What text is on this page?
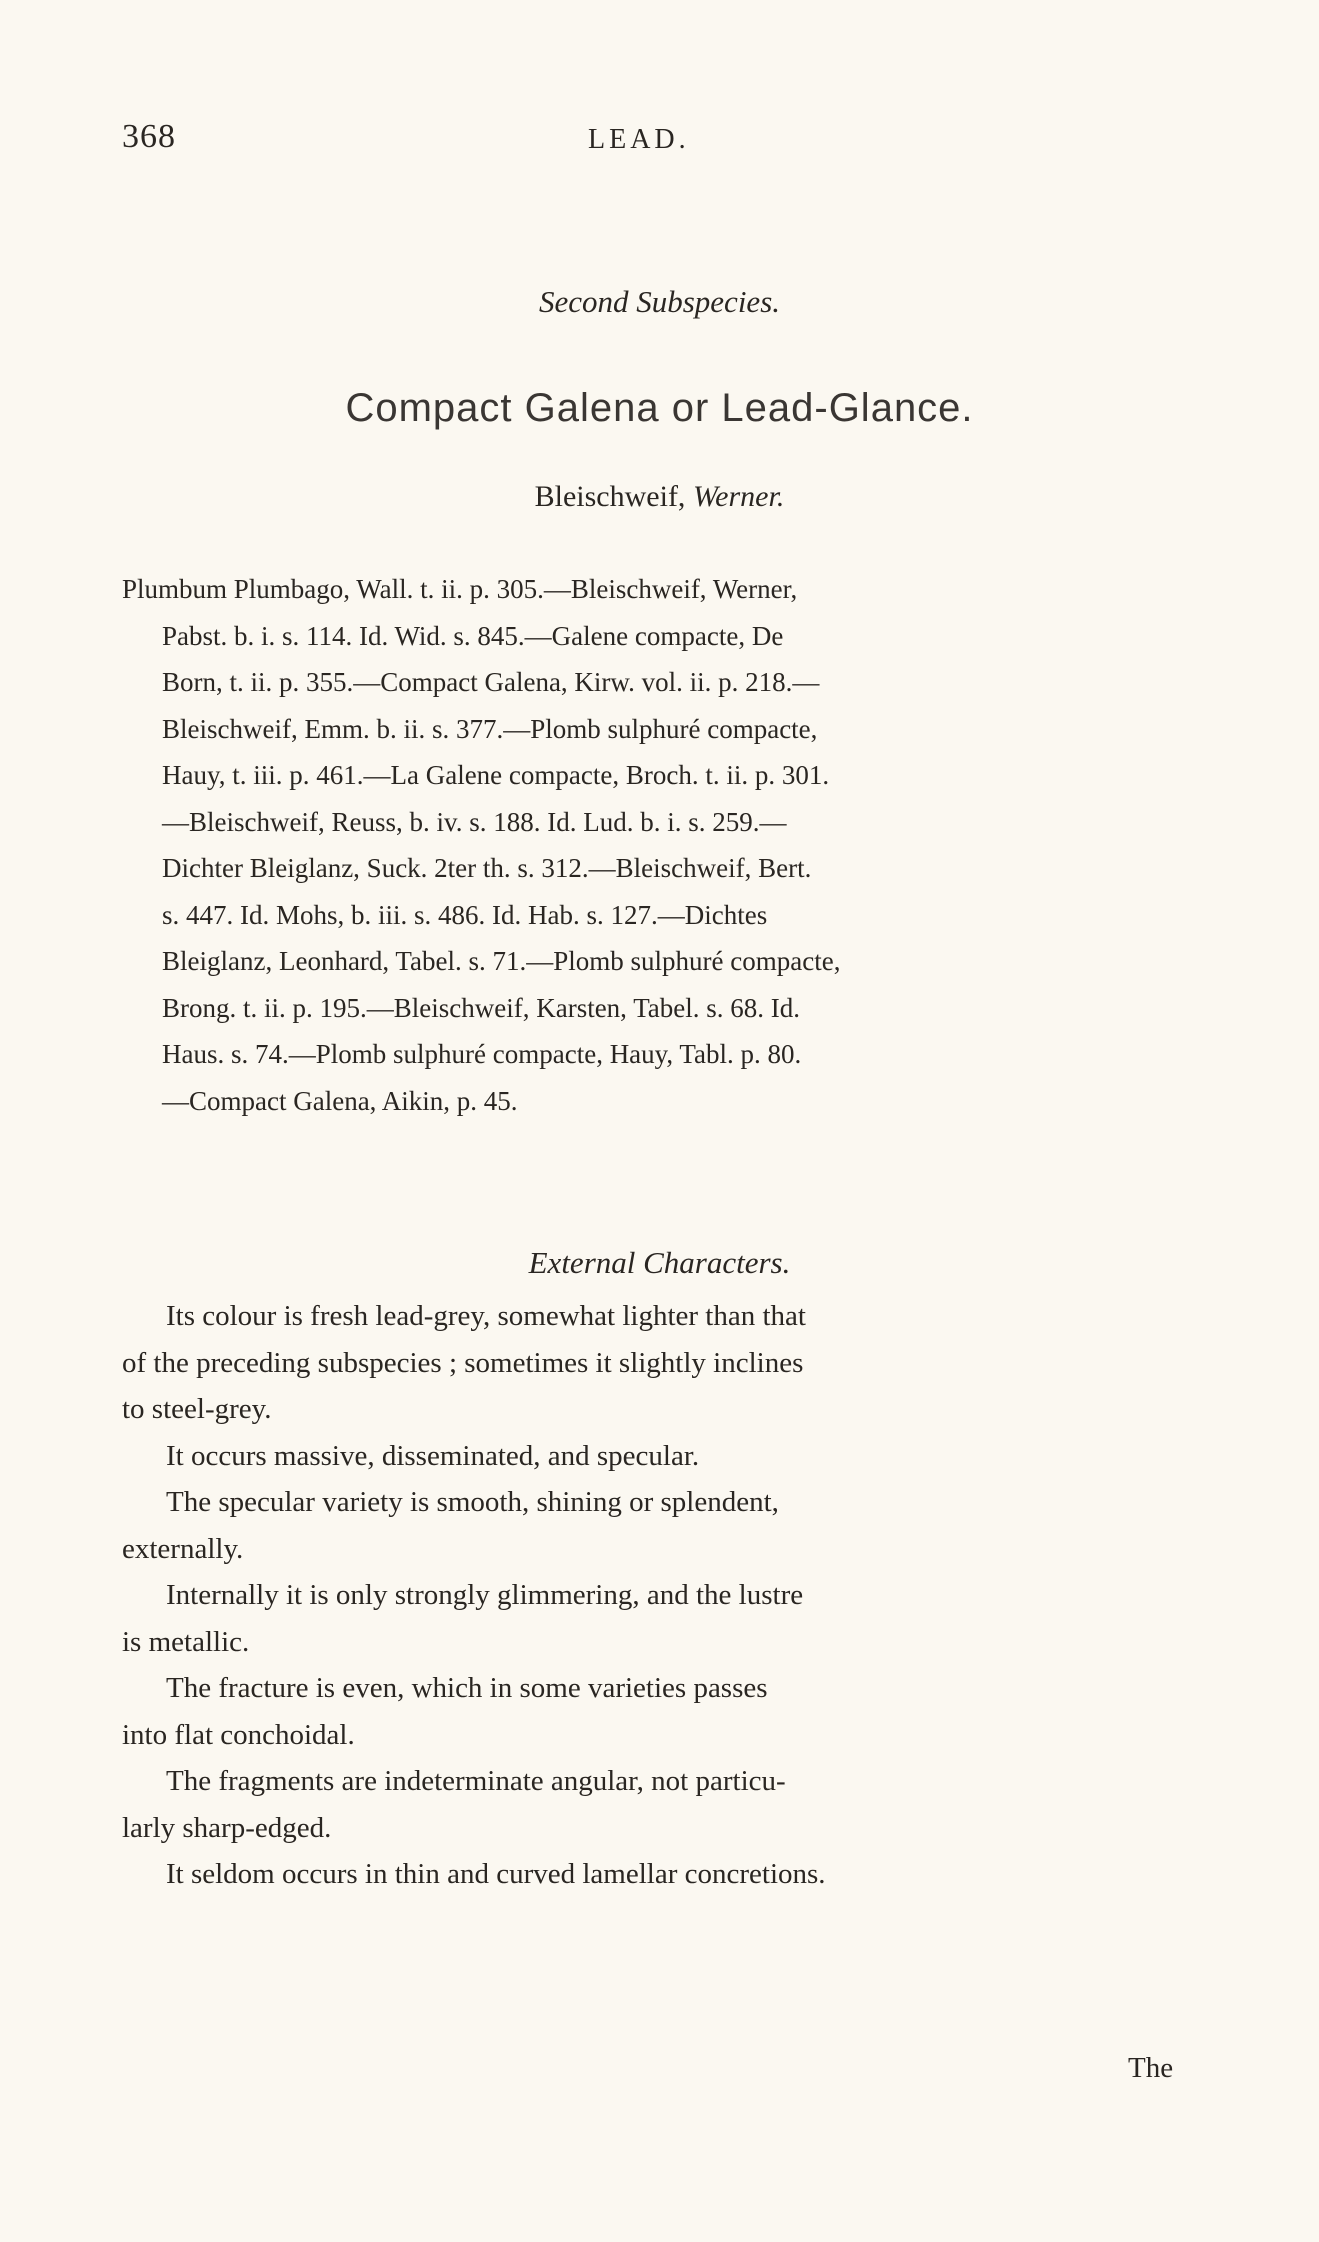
368	LEAD.
Second Subspecies.
Compact Galena or Lead-Glance.
Bleischweif, Werner.
Plumbum Plumbago, Wall. t. ii. p. 305.—Bleischweif, Werner,
Pabst. b. i. s. 114. Id. Wid. s. 845.—Galene compacte, De
Born, t. ii. p. 355.—Compact Galena, Kirw. vol. ii. p. 218.—
Bleischweif, Emm. b. ii. s. 377.—Plomb sulphuré compacte,
Hauy, t. iii. p. 461.—La Galene compacte, Broch. t. ii. p. 301.
—Bleischweif, Reuss, b. iv. s. 188. Id. Lud. b. i. s. 259.—
Dichter Bleiglanz, Suck. 2ter th. s. 312.—Bleischweif, Bert.
s. 447. Id. Mohs, b. iii. s. 486. Id. Hab. s. 127.—Dichtes
Bleiglanz, Leonhard, Tabel. s. 71.—Plomb sulphuré compacte,
Brong. t. ii. p. 195.—Bleischweif, Karsten, Tabel. s. 68. Id.
Haus. s. 74.—Plomb sulphuré compacte, Hauy, Tabl. p. 80.
—Compact Galena, Aikin, p. 45.
External Characters.
Its colour is fresh lead-grey, somewhat lighter than that
of the preceding subspecies ; sometimes it slightly inclines
to steel-grey.
It occurs massive, disseminated, and specular.
The specular variety is smooth, shining or splendent,
externally.
Internally it is only strongly glimmering, and the lustre
is metallic.
The fracture is even, which in some varieties passes
into flat conchoidal.
The fragments are indeterminate angular, not particu-
larly sharp-edged.
It seldom occurs in thin and curved lamellar concretions.
The
